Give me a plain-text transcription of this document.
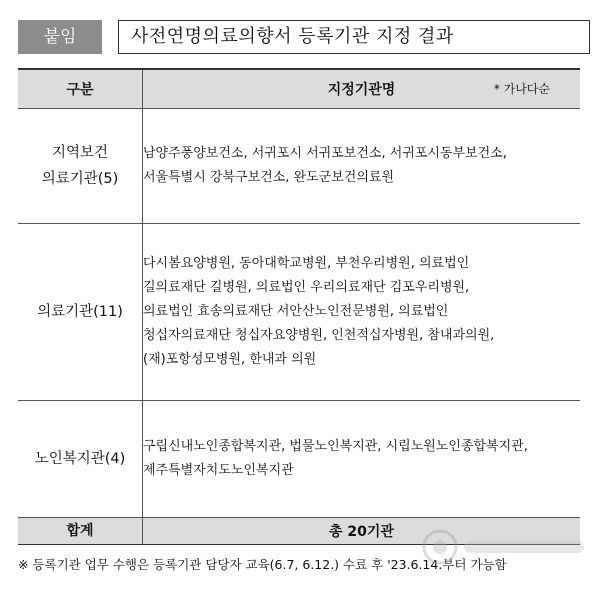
붙임	사전연명의료의향서 등록기관 지정 결과
구분	지정기관명 * 가나다순

지역보건
의료기관(5)	남양주풍양보건소, 서귀포시 서귀포보건소, 서귀포시동부보건소,
서울특별시 강북구보건소, 완도군보건의료원

의료기관(11)	다시봄요양병원, 동아대학교병원, 부천우리병원, 의료법인
길의료재단 길병원, 의료법인 우리의료재단 김포우리병원,
의료법인 효송의료재단 서안산노인전문병원, 의료법인
청십자의료재단 청십자요양병원, 인천적십자병원, 참내과의원,
(재)포항성모병원, 한내과 의원

노인복지관(4)	구립신내노인종합복지관, 법물노인복지관, 시립노원노인종합복지관,
제주특별자치도노인복지관

합계	총 20기관
※ 등록기관 업무 수행은 등록기관 담당자 교육(6.7, 6.12.) 수료 후 '23.6.14.부터 가능함
